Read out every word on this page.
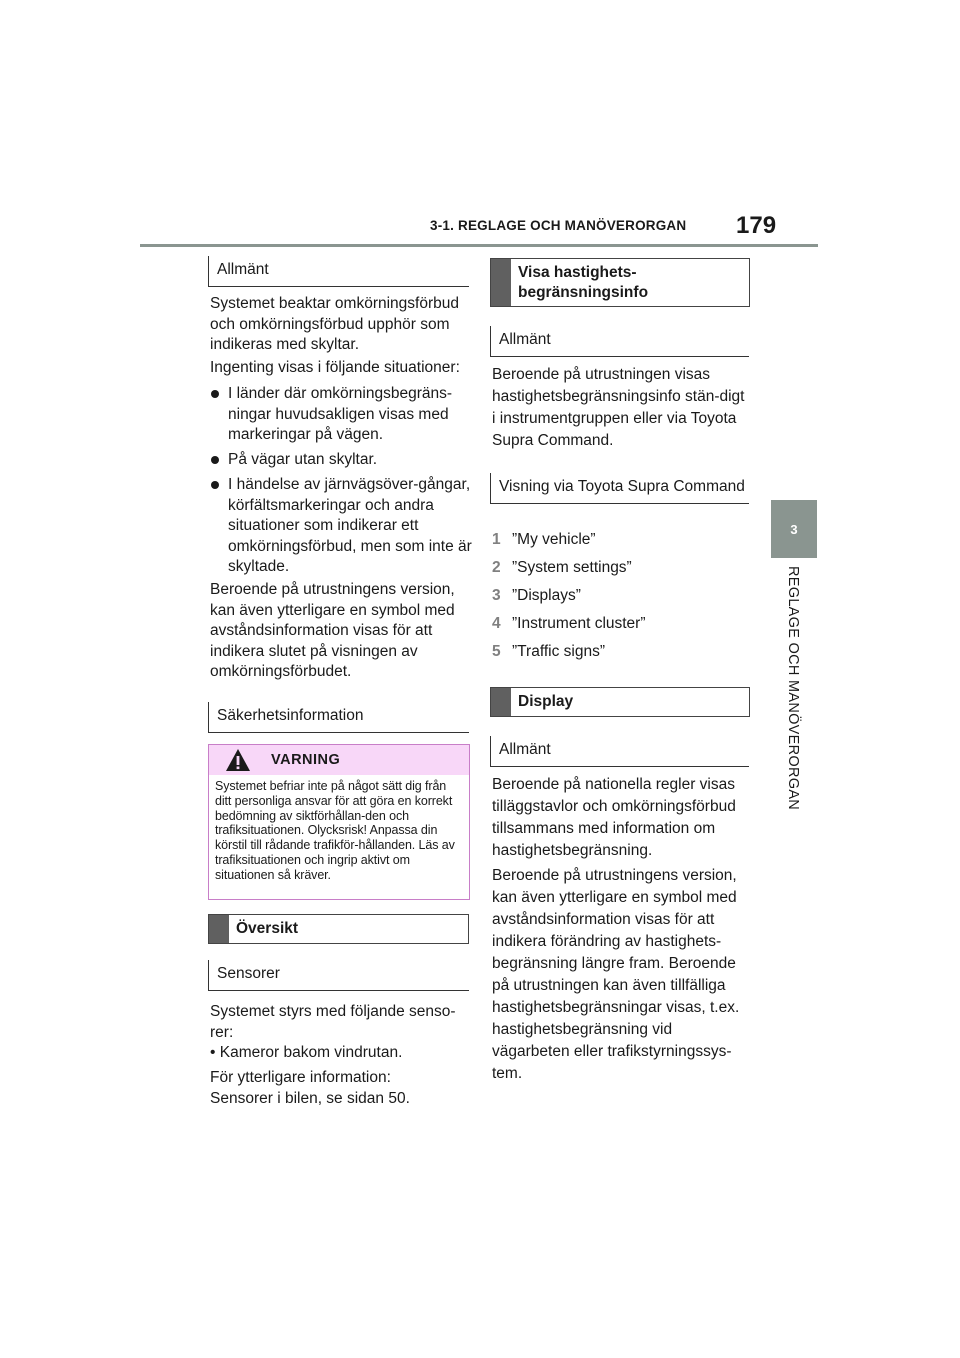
3-1. REGLAGE OCH MANÖVERORGAN 179
3
REGLAGE OCH MANÖVERORGAN
Allmänt

Systemet beaktar omkörningsförbud och omkörningsförbud upphör som indikeras med skyltar.

Ingenting visas i följande situationer:

I länder där omkörningsbegräns-ningar huvudsakligen visas med markeringar på vägen.
På vägar utan skyltar.
I händelse av järnvägsöver-gångar, körfältsmarkeringar och andra situationer som indikerar ett omkörningsförbud, men som inte är skyltade.

Beroende på utrustningens version, kan även ytterligare en symbol med avståndsinformation visas för att indikera slutet på visningen av omkörningsförbudet.

Säkerhetsinformation
VARNING
Systemet befriar inte på något sätt dig från ditt personliga ansvar för att göra en korrekt bedömning av siktförhållan-den och trafiksituationen. Olycksrisk! Anpassa din körstil till rådande trafikför-hållanden. Läs av trafiksituationen och ingrip aktivt om situationen så kräver.
Översikt
Sensorer

Systemet styrs med följande senso-rer:

• Kameror bakom vindrutan.

För ytterligare information: Sensorer i bilen, se sidan 50.

Visa hastighets-begränsningsinfo
Allmänt

Beroende på utrustningen visas hastighetsbegränsningsinfo stän-digt i instrumentgruppen eller via Toyota Supra Command.

Visning via Toyota Supra Command
1 ”My vehicle”
2 ”System settings”
3 ”Displays”
4 ”Instrument cluster”
5 ”Traffic signs”
Display
Allmänt

Beroende på nationella regler visas tilläggstavlor och omkörningsförbud tillsammans med information om hastighetsbegränsning.

Beroende på utrustningens version, kan även ytterligare en symbol med avståndsinformation visas för att indikera förändring av hastighets-begränsning längre fram. Beroende på utrustningen kan även tillfälliga hastighetsbegränsningar visas, t.ex. hastighetsbegränsning vid vägarbeten eller trafikstyrningssys-tem.
